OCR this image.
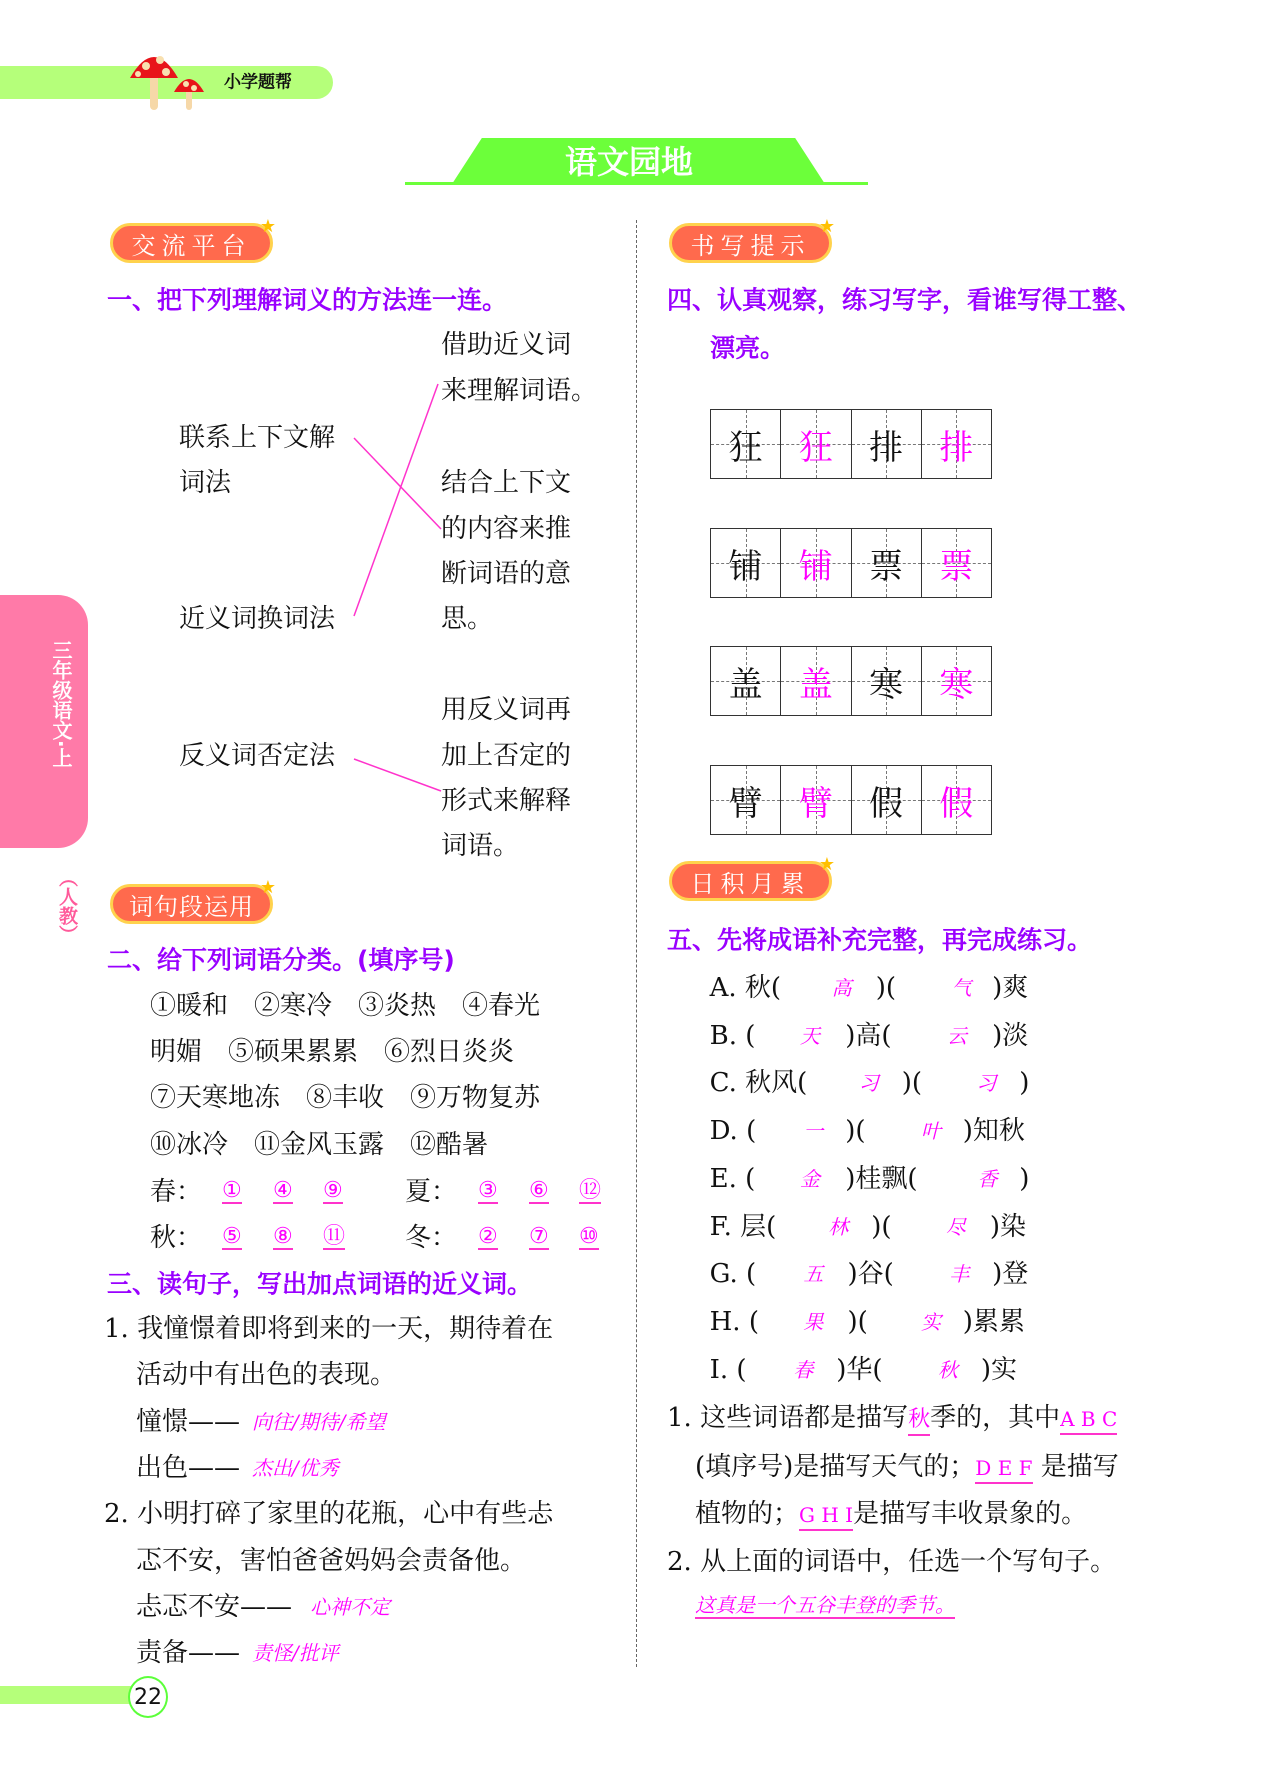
小学题帮
语文园地
三年级语文·上
（人教）
交流平台
★
一、把下列理解词义的方法连一连。
联系上下文解
词法
近义词换词法
反义词否定法
借助近义词
来理解词语。
结合上下文
的内容来推
断词语的意
思。
用反义词再
加上否定的
形式来解释
词语。
词句段运用
★
二、给下列词语分类。(填序号)
①暖和　②寒冷　③炎热　④春光
明媚　⑤硕果累累　⑥烈日炎炎
⑦天寒地冻　⑧丰收　⑨万物复苏
⑩冰冷　⑪金风玉露　⑫酷暑
春： ① ④ ⑨ 夏： ③ ⑥ ⑫
秋： ⑤ ⑧ ⑪ 冬： ② ⑦ ⑩
三、读句子，写出加点词语的近义词。
1. 我憧憬着即将到来的一天，期待着在
活动中有出色的表现。
憧憬—— 向往/期待/希望
出色—— 杰出/优秀
2. 小明打碎了家里的花瓶，心中有些忐
忑不安，害怕爸爸妈妈会责备他。
忐忑不安—— 心神不定
责备—— 责怪/批评
22
书写提示
★
四、认真观察，练习写字，看谁写得工整、
漂亮。
狂 狂 排 排
铺 铺 票 票
盖 盖 寒 寒
臂 臂 假 假
日积月累
★
五、先将成语补充完整，再完成练习。
A. 秋(	高 )(	气 )爽
B. ( 天 )高(	云 )淡
C. 秋风(	习 )(	习 )
D. ( 一 )(	叶 )知秋
E. ( 金 )桂飘(	香 )
F. 层(	林 )(	尽 )染
G. ( 五 )谷(	丰 )登
H. ( 果 )(	实 )累累
I. ( 春 )华(	秋 )实
1. 这些词语都是描写秋季的，其中A B C
(填序号)是描写天气的；D E F 是描写
植物的；G H I是描写丰收景象的。
2. 从上面的词语中，任选一个写句子。
这真是一个五谷丰登的季节。
